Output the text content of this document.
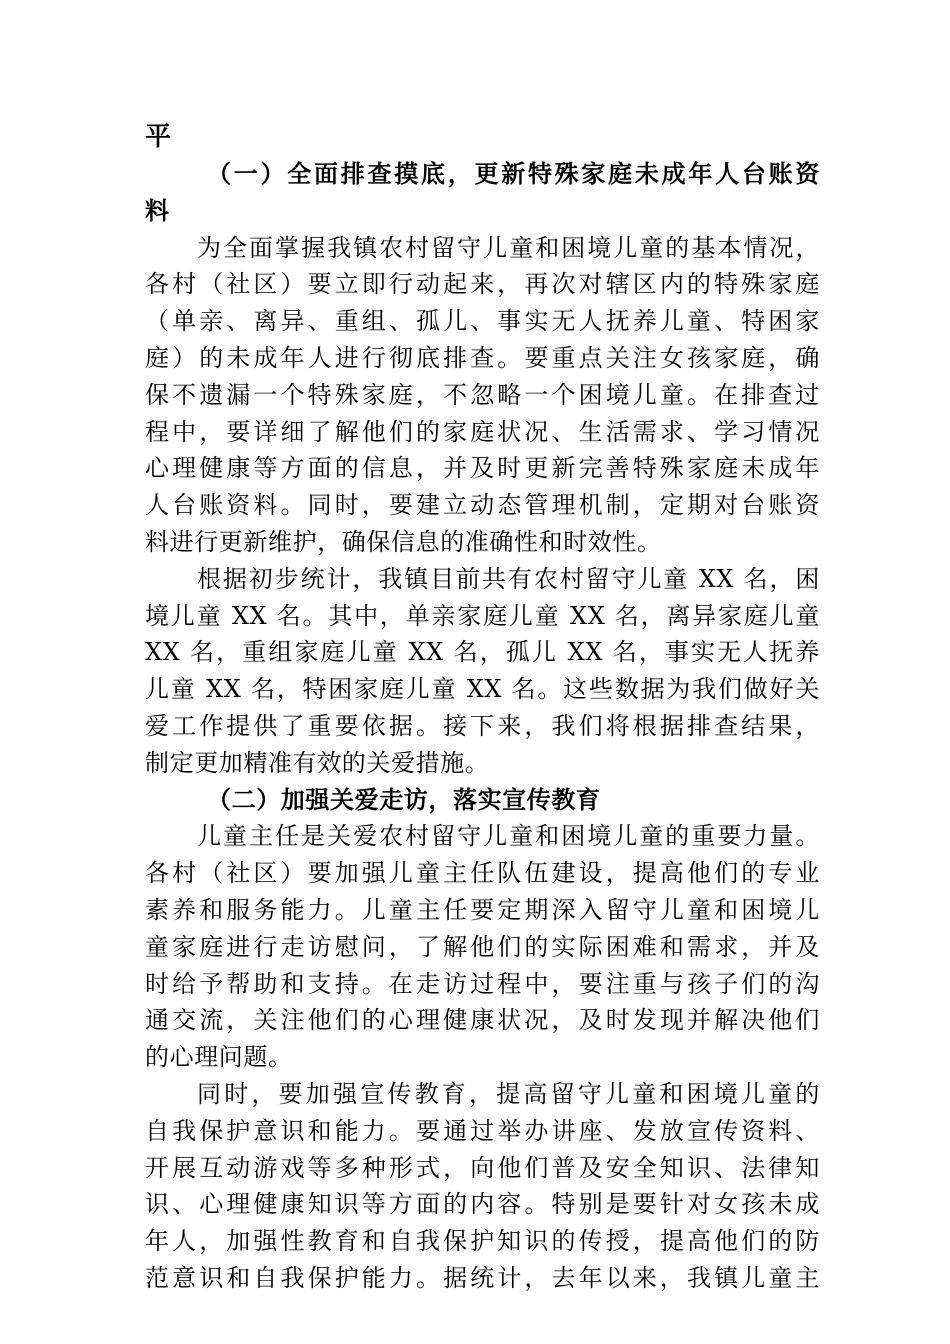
平
（一）全面排查摸底，更新特殊家庭未成年人台账资
料
为全面掌握我镇农村留守儿童和困境儿童的基本情况，
各村（社区）要立即行动起来，再次对辖区内的特殊家庭
（单亲、离异、重组、孤儿、事实无人抚养儿童、特困家
庭）的未成年人进行彻底排查。要重点关注女孩家庭，确
保不遗漏一个特殊家庭，不忽略一个困境儿童。在排查过
程中，要详细了解他们的家庭状况、生活需求、学习情况
心理健康等方面的信息，并及时更新完善特殊家庭未成年
人台账资料。同时，要建立动态管理机制，定期对台账资
料进行更新维护，确保信息的准确性和时效性。
根据初步统计，我镇目前共有农村留守儿童 XX 名，困
境儿童 XX 名。其中，单亲家庭儿童 XX 名，离异家庭儿童
XX 名，重组家庭儿童 XX 名，孤儿 XX 名，事实无人抚养
儿童 XX 名，特困家庭儿童 XX 名。这些数据为我们做好关
爱工作提供了重要依据。接下来，我们将根据排查结果，
制定更加精准有效的关爱措施。
（二）加强关爱走访，落实宣传教育
儿童主任是关爱农村留守儿童和困境儿童的重要力量。
各村（社区）要加强儿童主任队伍建设，提高他们的专业
素养和服务能力。儿童主任要定期深入留守儿童和困境儿
童家庭进行走访慰问，了解他们的实际困难和需求，并及
时给予帮助和支持。在走访过程中，要注重与孩子们的沟
通交流，关注他们的心理健康状况，及时发现并解决他们
的心理问题。
同时，要加强宣传教育，提高留守儿童和困境儿童的
自我保护意识和能力。要通过举办讲座、发放宣传资料、
开展互动游戏等多种形式，向他们普及安全知识、法律知
识、心理健康知识等方面的内容。特别是要针对女孩未成
年人，加强性教育和自我保护知识的传授，提高他们的防
范意识和自我保护能力。据统计，去年以来，我镇儿童主
